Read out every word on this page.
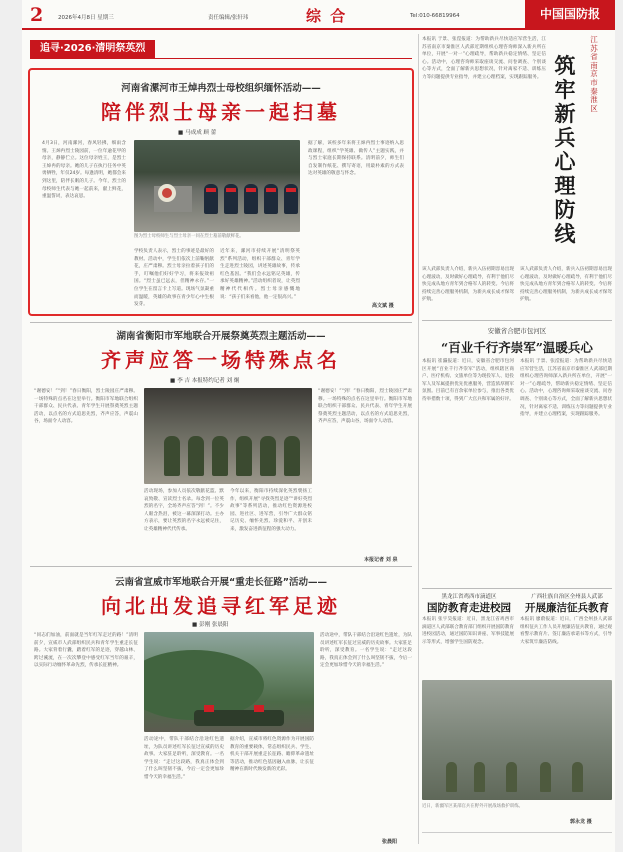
2	2026年4月8日 星期三	责任编辑/张轩玮	综 合	Tel:010-66819964	中国国防报
追寻·2026·清明祭英烈
河南省漯河市王焯冉烈士母校组织缅怀活动——
陪伴烈士母亲一起扫墓
■ 马成成 顾 蕾
4月3日，河南漯河，春风轻拂，细雨含情。王焯冉烈士陵园前，一位年逾花甲的母亲，静静伫立。这位母亲姓王，是烈士王焯冉的母亲。她的儿子在执行任务中英勇牺牲，年仅24岁。每逢清明，她都会来到这里，陪伴长眠的儿子。今年，烈士的母校师生代表与她一起前来，献上鲜花，重温誓词，表达哀思。
图为烈士母校师生与烈士母亲一同在烈士墓前敬献鲜花。
学校负责人表示，烈士的事迹是最好的教材。活动中，学生们依次上前鞠躬献花，庄严肃穆。烈士母亲拉着孩子们的手，叮嘱他们好好学习，将来报效祖国。“烈士虽已远去，但精神永存。”一位学生在留言卡上写道。现场气氛凝重而温暖，英雄的故事在青少年心中生根发芽。
近年来，漯河市持续开展“清明祭英烈”系列活动，组织干部群众、青年学生走进烈士陵园，讲述英雄故事，传承红色基因。“我们会永远铭记英雄，传承好英雄精神。”活动组织者说，让英烈精神代代相传。烈士母亲感慨地说：“孩子们来看他，他一定很高兴。”
据了解，该校多年来将王焯冉烈士事迹纳入思政课程，组织“学英雄、做传人”主题实践，并与烈士家庭长期保持联系。清明前夕，师生们自发制作纸花、撰写寄语，用最朴素的方式表达对英雄的敬意与怀念。
高文斌 摄
湖南省衡阳市军地联合开展祭奠英烈主题活动——
齐声应答一场特殊点名
■ 李 吉 本报特约记者 刘 炯
“谢德安！”“到！”春日衡阳，烈士陵园庄严肃穆。一场特殊的点名在这里举行。衡阳市军地联合组织干部群众、民兵代表、青年学生开展祭奠英烈主题活动，以点名的方式追思先烈，齐声应答，声震山谷，场面令人动容。
活动现场，参加人员依次敬献花篮、默哀致敬、宣读烈士名录。每念到一位英烈的名字，全场齐声应答“到！”。不少人眼含热泪，被这一幕深深打动。主办方表示，要让英烈的名字永远被记住，让英雄精神代代传承。
今年以来，衡阳市持续深化英烈褒扬工作，组织开展“寻找英烈足迹”“讲好英烈故事”等系列活动，推动红色资源进校园、进社区、进军营，引导广大群众铭记历史、缅怀先烈、珍爱和平、开创未来，激发奋进新征程的强大动力。
“谢德安！”“到！”春日衡阳，烈士陵园庄严肃穆。一场特殊的点名在这里举行。衡阳市军地联合组织干部群众、民兵代表、青年学生开展祭奠英烈主题活动，以点名的方式追思先烈，齐声应答，声震山谷，场面令人动容。
本报记者 刘 泉
云南省宣威市军地联合开展“重走长征路”活动——
向北出发追寻红军足迹
■ 彭刚 张晨阳
“同志们加油，前面就是当年红军走过的路！”清明前夕，宣威市人武部组织民兵和青年学生重走长征路。大家背着行囊，踏着红军的足迹，穿越山林、跨过溪流，在一次次攀登中感受红军当年的艰辛，以实际行动缅怀革命先烈，传承长征精神。
活动途中，带队干部结合沿途红色遗址，为队员讲述红军长征过宣威的历史故事。大家驻足聆听，深受教育。一名学生说：“走过这段路，我真正体会到了什么叫坚韧不拔，今后一定会更加珍惜今天的幸福生活。”
据介绍，宣威市将红色资源作为开展国防教育的重要载体，常态组织民兵、学生、机关干部开展重走长征路、瞻仰革命遗址等活动，推动红色基因融入血脉，让长征精神在新时代焕发新的光彩。
活动途中，带队干部结合沿途红色遗址，为队员讲述红军长征过宣威的历史故事。大家驻足聆听，深受教育。一名学生说：“走过这段路，我真正体会到了什么叫坚韧不拔，今后一定会更加珍惜今天的幸福生活。”
张晨阳
江苏省南京市秦淮区
筑牢新兵心理防线
本报讯 于景、张滢报道：为帮助新兵尽快适应军营生活，江苏省南京市秦淮区人武部近期组织心理咨询师深入新兵所在单位，开展“一对一”心理疏导，帮助新兵稳定情绪、坚定信心。活动中，心理咨询师采取座谈交流、问卷调查、个别谈心等方式，全面了解新兵思想状况，针对离家不适、训练压力等问题提供专业指导，并建立心理档案，实现跟踪服务。
该人武部负责人介绍，新兵入伍初期容易出现心理波动，及时做好心理疏导，有利于他们尽快完成从地方青年到合格军人的转变。今后将持续完善心理服务机制，为新兵成长成才保驾护航。
该人武部负责人介绍，新兵入伍初期容易出现心理波动，及时做好心理疏导，有利于他们尽快完成从地方青年到合格军人的转变。今后将持续完善心理服务机制，为新兵成长成才保驾护航。
安徽省合肥市包河区
“百业千行齐崇军”温暖兵心
本报讯 崔瀛报道：近日，安徽省合肥市包河区开展“百业千行齐崇军”活动，组织辖区商户、医疗机构、文旅单位等为现役军人、退役军人及军属提供优先优惠服务，营造浓厚拥军氛围。目前已有百余家单位参与，推出各类优待举措数十项，得到广大官兵和军属的好评。
本报讯 于景、张滢报道：为帮助新兵尽快适应军营生活，江苏省南京市秦淮区人武部近期组织心理咨询师深入新兵所在单位，开展“一对一”心理疏导，帮助新兵稳定情绪、坚定信心。活动中，心理咨询师采取座谈交流、问卷调查、个别谈心等方式，全面了解新兵思想状况，针对离家不适、训练压力等问题提供专业指导，并建立心理档案，实现跟踪服务。
黑龙江省鸡西市滴道区
国防教育走进校园
本报讯 张宇昊报道：近日，黑龙江省鸡西市滴道区人武部联合教育部门组织开展国防教育进校园活动，通过国防知识讲座、军事技能展示等形式，增强学生国防观念。
广西壮族自治区全州县人武部
开展廉洁征兵教育
本报讯 廖蔚报道：近日，广西全州县人武部组织征兵工作人员开展廉洁征兵教育，通过观看警示教育片、签订廉洁承诺书等方式，引导大家筑牢廉洁防线。
近日，新疆军区某部官兵在野外开展战场救护训练。
郭永龙 摄
